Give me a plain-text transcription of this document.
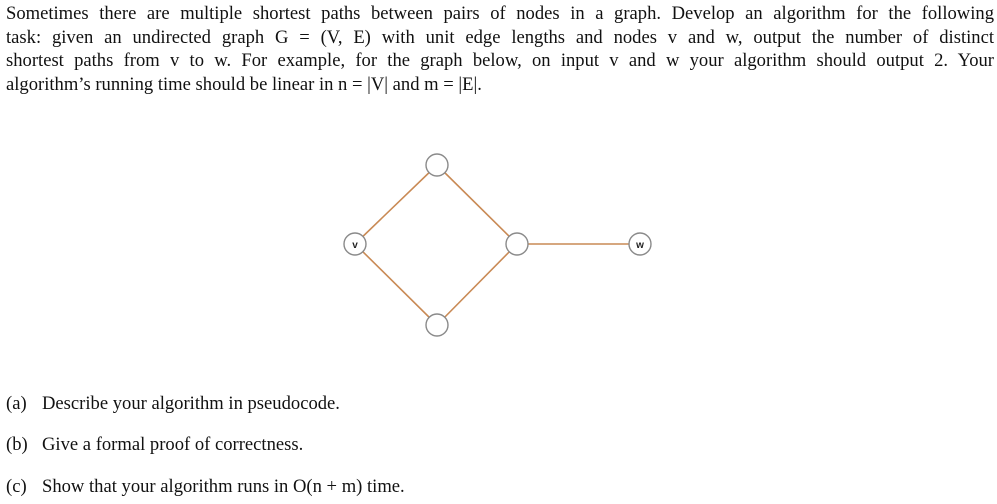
Sometimes there are multiple shortest paths between pairs of nodes in a graph. Develop an algorithm for the following
task: given an undirected graph G = (V, E) with unit edge lengths and nodes v and w, output the number of distinct
shortest paths from v to w. For example, for the graph below, on input v and w your algorithm should output 2. Your
algorithm’s running time should be linear in n = |V| and m = |E|.
v	w
(a) Describe your algorithm in pseudocode.
(b) Give a formal proof of correctness.
(c) Show that your algorithm runs in O(n + m) time.
